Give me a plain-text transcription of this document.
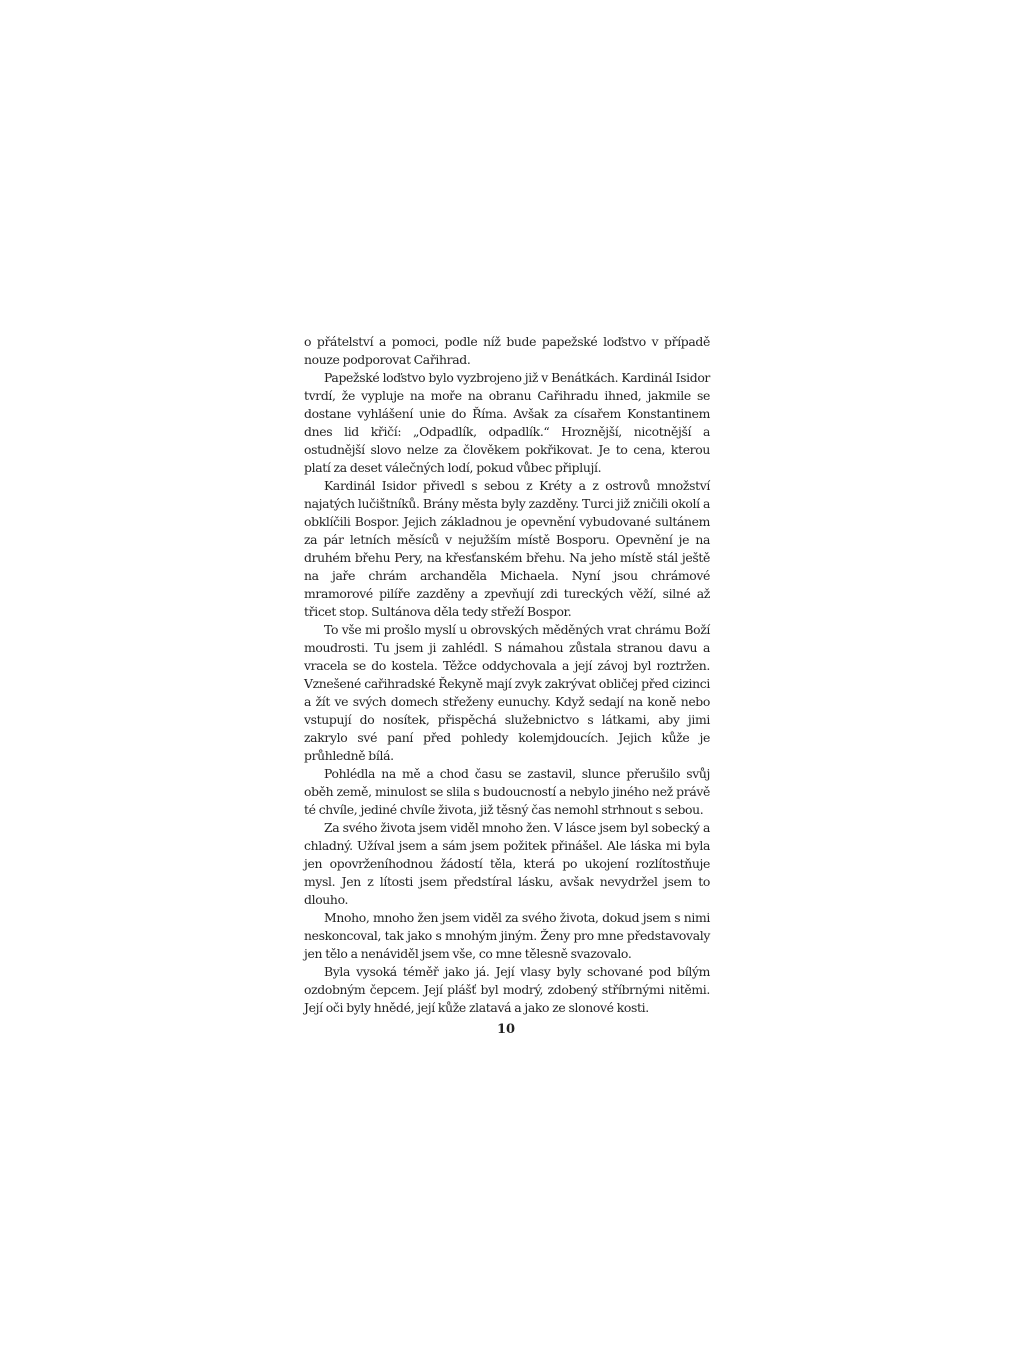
o přátelství a pomoci, podle níž bude papežské loďstvo v případě nouze podporovat Cařihrad.

Papežské loďstvo bylo vyzbrojeno již v Benátkách. Kardinál Isidor tvrdí, že vypluje na moře na obranu Cařihradu ihned, jakmile se dostane vyhlášení unie do Říma. Avšak za císařem Konstantinem dnes lid křičí: „Odpadlík, odpadlík.“ Hroznější, nicotnější a ostudnější slovo nelze za člověkem pokřikovat. Je to cena, kterou platí za deset válečných lodí, pokud vůbec připlují.

Kardinál Isidor přivedl s sebou z Kréty a z ostrovů množství najatých lučištníků. Brány města byly zazděny. Turci již zničili okolí a obklíčili Bospor. Jejich základnou je opevnění vybudované sultánem za pár letních měsíců v nejužším místě Bosporu. Opevnění je na druhém břehu Pery, na křesťanském břehu. Na jeho místě stál ještě na jaře chrám archanděla Michaela. Nyní jsou chrámové mramorové pilíře zazděny a zpevňují zdi tureckých věží, silné až třicet stop. Sultánova děla tedy střeží Bospor.

To vše mi prošlo myslí u obrovských měděných vrat chrámu Boží moudrosti. Tu jsem ji zahlédl. S námahou zůstala stranou davu a vracela se do kostela. Těžce oddychovala a její závoj byl roztržen. Vznešené cařihradské Řekyně mají zvyk zakrývat obličej před cizinci a žít ve svých domech střeženy eunuchy. Když sedají na koně nebo vstupují do nosítek, přispěchá služebnictvo s látkami, aby jimi zakrylo své paní před pohledy kolemjdoucích. Jejich kůže je průhledně bílá.

Pohlédla na mě a chod času se zastavil, slunce přerušilo svůj oběh země, minulost se slila s budoucností a nebylo jiného než právě té chvíle, jediné chvíle života, již těsný čas nemohl strhnout s sebou.

Za svého života jsem viděl mnoho žen. V lásce jsem byl sobecký a chladný. Užíval jsem a sám jsem požitek přinášel. Ale láska mi byla jen opovrženíhodnou žádostí těla, která po ukojení rozlítostňuje mysl. Jen z lítosti jsem předstíral lásku, avšak nevydržel jsem to dlouho.

Mnoho, mnoho žen jsem viděl za svého života, dokud jsem s nimi neskoncoval, tak jako s mnohým jiným. Ženy pro mne představovaly jen tělo a nenáviděl jsem vše, co mne tělesně svazovalo.

Byla vysoká téměř jako já. Její vlasy byly schované pod bílým ozdobným čepcem. Její plášť byl modrý, zdobený stříbrnými nitěmi. Její oči byly hnědé, její kůže zlatavá a jako ze slonové kosti.

10
